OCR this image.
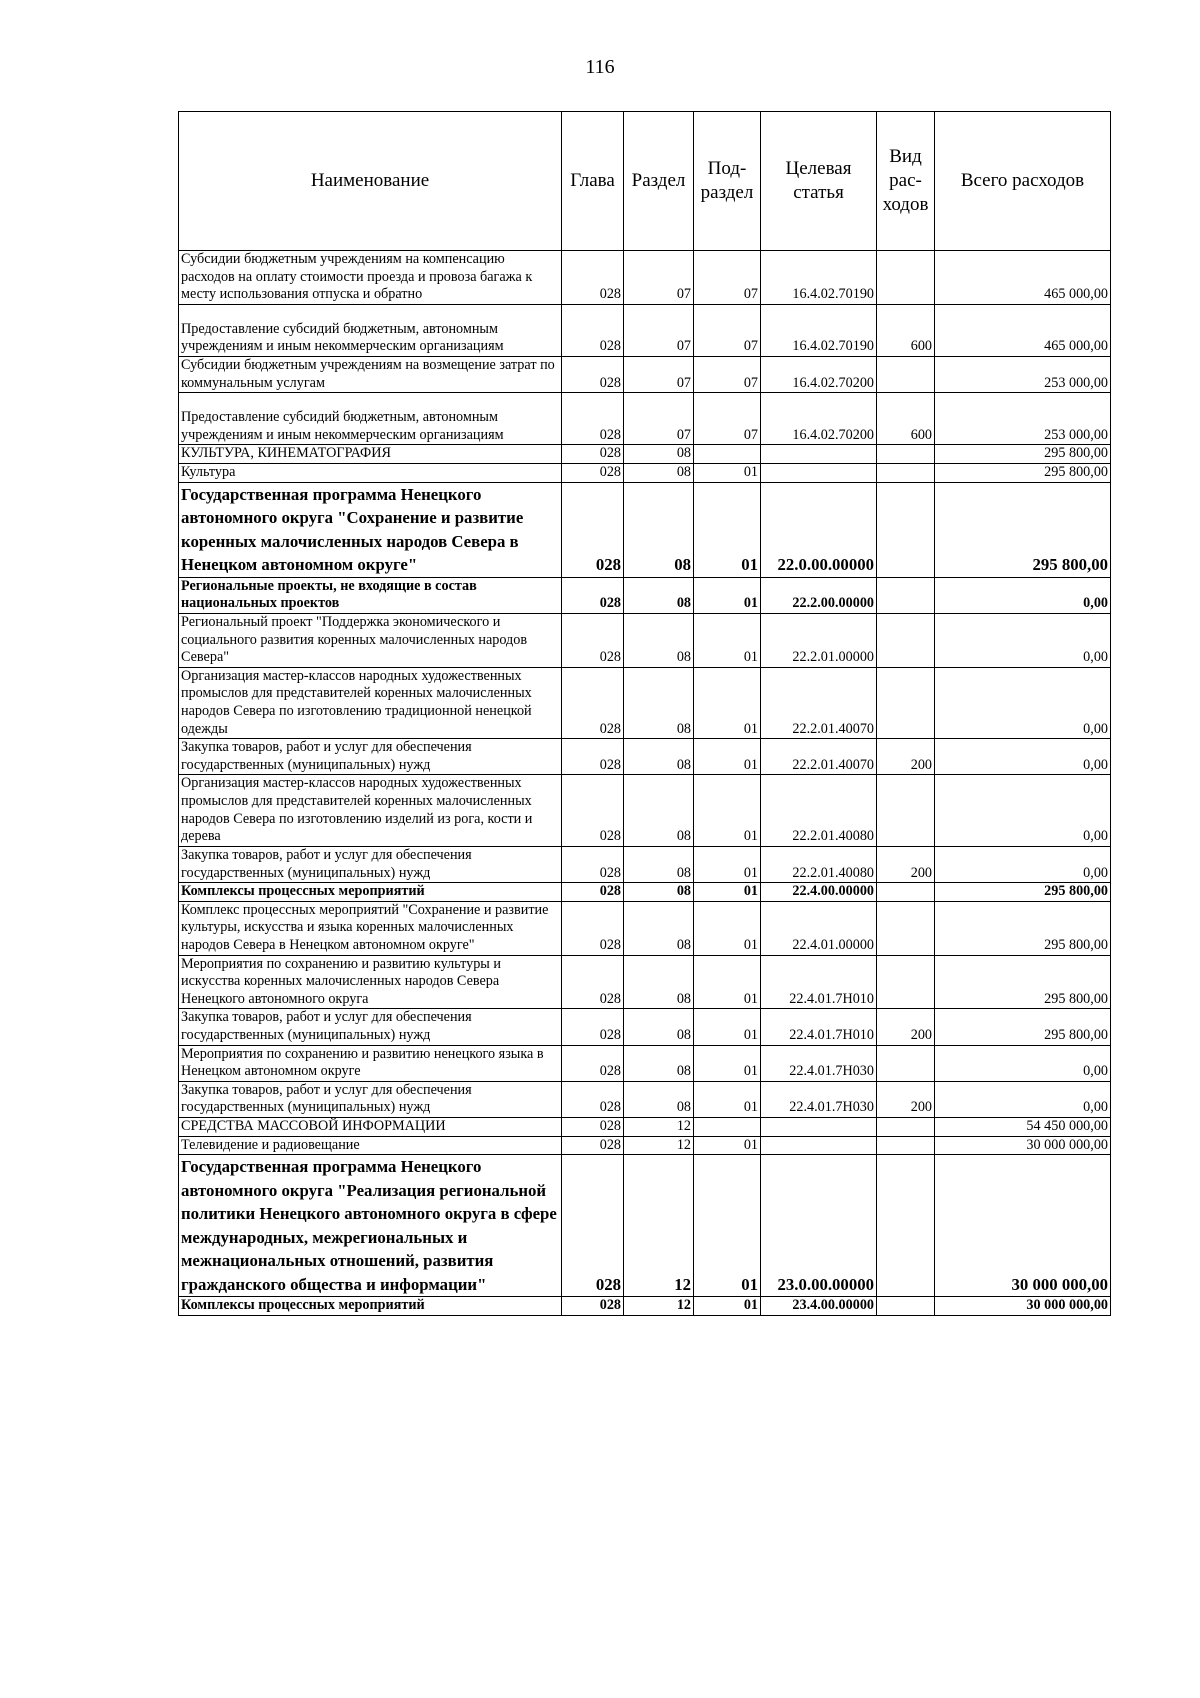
116
Наименование	Глава	Раздел	Под-раздел	Целевая статья	Вид рас-ходов	Всего расходов
Субсидии бюджетным учреждениям на компенсацию расходов на оплату стоимости проезда и провоза багажа к месту использования отпуска и обратно	028	07	07	16.4.02.70190		465 000,00
Предоставление субсидий бюджетным, автономным учреждениям и иным некоммерческим организациям	028	07	07	16.4.02.70190	600	465 000,00
Субсидии бюджетным учреждениям на возмещение затрат по коммунальным услугам	028	07	07	16.4.02.70200		253 000,00
Предоставление субсидий бюджетным, автономным учреждениям и иным некоммерческим организациям	028	07	07	16.4.02.70200	600	253 000,00
КУЛЬТУРА, КИНЕМАТОГРАФИЯ	028	08				295 800,00
Культура	028	08	01			295 800,00
Государственная программа Ненецкого автономного округа "Сохранение и развитие коренных малочисленных народов Севера в Ненецком автономном округе"	028	08	01	22.0.00.00000		295 800,00
Региональные проекты, не входящие в состав национальных проектов	028	08	01	22.2.00.00000		0,00
Региональный проект "Поддержка экономического и социального развития коренных малочисленных народов Севера"	028	08	01	22.2.01.00000		0,00
Организация мастер-классов народных художественных промыслов для представителей коренных малочисленных народов Севера по изготовлению традиционной ненецкой одежды	028	08	01	22.2.01.40070		0,00
Закупка товаров, работ и услуг для обеспечения государственных (муниципальных) нужд	028	08	01	22.2.01.40070	200	0,00
Организация мастер-классов народных художественных промыслов для представителей коренных малочисленных народов Севера по изготовлению изделий из рога, кости и дерева	028	08	01	22.2.01.40080		0,00
Закупка товаров, работ и услуг для обеспечения государственных (муниципальных) нужд	028	08	01	22.2.01.40080	200	0,00
Комплексы процессных мероприятий	028	08	01	22.4.00.00000		295 800,00
Комплекс процессных мероприятий "Сохранение и развитие культуры, искусства и языка коренных малочисленных народов Севера в Ненецком автономном округе"	028	08	01	22.4.01.00000		295 800,00
Мероприятия по сохранению и развитию культуры и искусства коренных малочисленных народов Севера Ненецкого автономного округа	028	08	01	22.4.01.7Н010		295 800,00
Закупка товаров, работ и услуг для обеспечения государственных (муниципальных) нужд	028	08	01	22.4.01.7Н010	200	295 800,00
Мероприятия по сохранению и развитию ненецкого языка в Ненецком автономном округе	028	08	01	22.4.01.7Н030		0,00
Закупка товаров, работ и услуг для обеспечения государственных (муниципальных) нужд	028	08	01	22.4.01.7Н030	200	0,00
СРЕДСТВА МАССОВОЙ ИНФОРМАЦИИ	028	12				54 450 000,00
Телевидение и радиовещание	028	12	01			30 000 000,00
Государственная программа Ненецкого автономного округа "Реализация региональной политики Ненецкого автономного округа в сфере международных, межрегиональных и межнациональных отношений, развития гражданского общества и информации"	028	12	01	23.0.00.00000		30 000 000,00
Комплексы процессных мероприятий	028	12	01	23.4.00.00000		30 000 000,00
